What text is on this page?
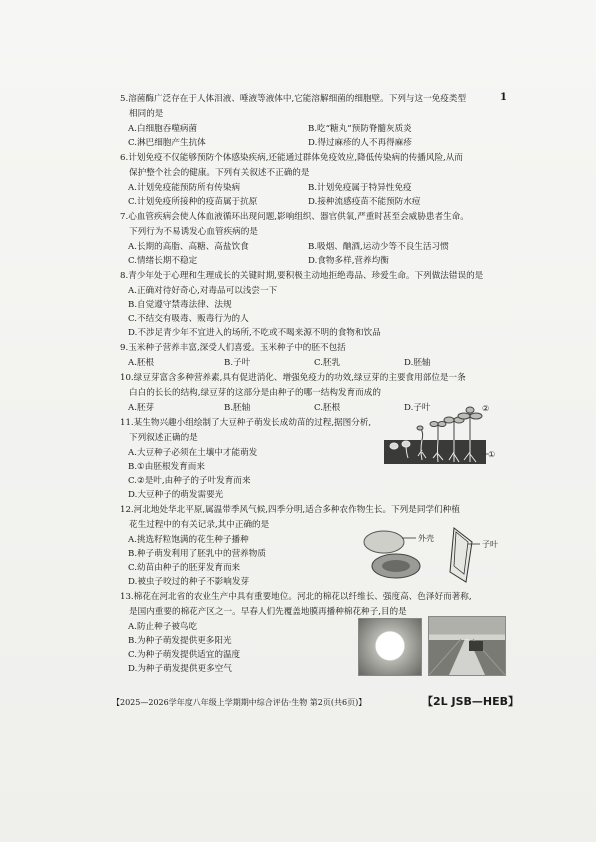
1
5.溶菌酶广泛存在于人体泪液、唾液等液体中,它能溶解细菌的细胞壁。下列与这一免疫类型
相同的是
A.白细胞吞噬病菌	B.吃“糖丸”预防脊髓灰质炎
C.淋巴细胞产生抗体	D.得过麻疹的人不再得麻疹
6.计划免疫不仅能够预防个体感染疾病,还能通过群体免疫效应,降低传染病的传播风险,从而
保护整个社会的健康。下列有关叙述不正确的是
A.计划免疫能预防所有传染病	B.计划免疫属于特异性免疫
C.计划免疫所接种的疫苗属于抗原	D.接种流感疫苗不能预防水痘
7.心血管疾病会使人体血液循环出现问题,影响组织、器官供氧,严重时甚至会威胁患者生命。
下列行为不易诱发心血管疾病的是
A.长期的高脂、高糖、高盐饮食	B.吸烟、酗酒,运动少等不良生活习惯
C.情绪长期不稳定	D.食物多样,营养均衡
8.青少年处于心理和生理成长的关键时期,要积极主动地拒绝毒品、珍爱生命。下列做法错误的是
A.正确对待好奇心,对毒品可以浅尝一下
B.自觉遵守禁毒法律、法规
C.不结交有吸毒、贩毒行为的人
D.不涉足青少年不宜进入的场所,不吃或不喝来源不明的食物和饮品
9.玉米种子营养丰富,深受人们喜爱。玉米种子中的胚不包括
A.胚根	B.子叶	C.胚乳	D.胚轴
10.绿豆芽富含多种营养素,具有促进消化、增强免疫力的功效,绿豆芽的主要食用部位是一条
白白的长长的结构,绿豆芽的这部分是由种子的哪一结构发育而成的
A.胚芽	B.胚轴	C.胚根	D.子叶
11.某生物兴趣小组绘制了大豆种子萌发长成幼苗的过程,据图分析,
下列叙述正确的是
A.大豆种子必须在土壤中才能萌发
B.①由胚根发育而来
C.②是叶,由种子的子叶发育而来
D.大豆种子的萌发需要光
②
①
12.河北地处华北平原,属温带季风气候,四季分明,适合多种农作物生长。下列是同学们种植
花生过程中的有关记录,其中正确的是
A.挑选籽粒饱满的花生种子播种
B.种子萌发利用了胚乳中的营养物质
C.幼苗由种子的胚芽发育而来
D.被虫子咬过的种子不影响发芽
外壳
子叶
13.棉花在河北省的农业生产中具有重要地位。河北的棉花以纤维长、强度高、色泽好而著称,
是国内重要的棉花产区之一。早春人们先覆盖地膜再播种棉花种子,目的是
A.防止种子被鸟吃
B.为种子萌发提供更多阳光
C.为种子萌发提供适宜的温度
D.为种子萌发提供更多空气
【2025—2026学年度八年级上学期期中综合评估·生物 第2页(共6页)】	【2L JSB—HEB】
